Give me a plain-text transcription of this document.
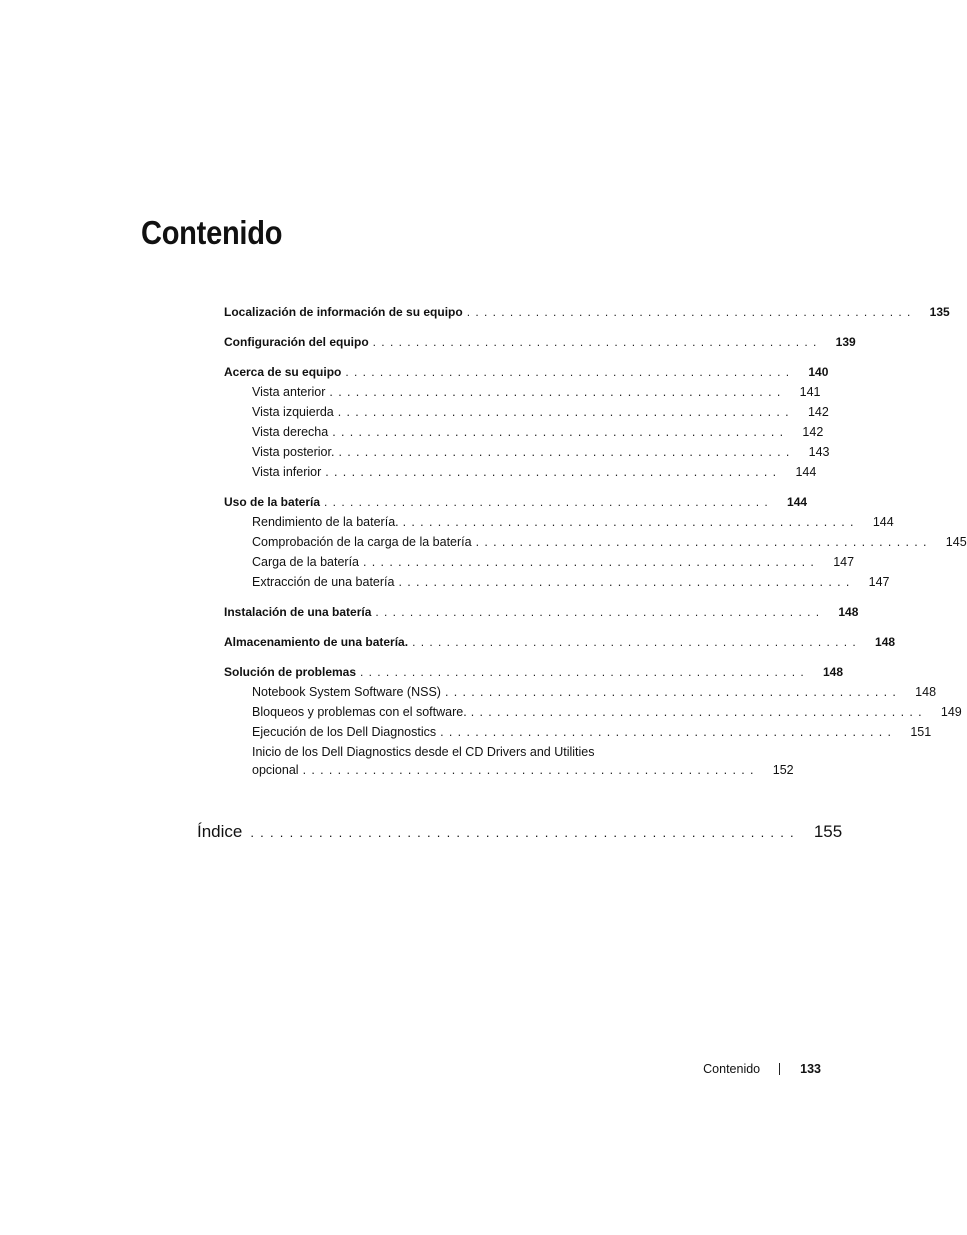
Contenido
Localización de información de su equipo .................................................... 135
Configuración del equipo .................................................... 139
Acerca de su equipo .................................................... 140
Vista anterior .................................................... 141
Vista izquierda .................................................... 142
Vista derecha .................................................... 142
Vista posterior. .................................................... 143
Vista inferior .................................................... 144
Uso de la batería .................................................... 144
Rendimiento de la batería. .................................................... 144
Comprobación de la carga de la batería .................................................... 145
Carga de la batería .................................................... 147
Extracción de una batería .................................................... 147
Instalación de una batería .................................................... 148
Almacenamiento de una batería. .................................................... 148
Solución de problemas .................................................... 148
Notebook System Software (NSS) .................................................... 148
Bloqueos y problemas con el software. .................................................... 149
Ejecución de los Dell Diagnostics .................................................... 151
Inicio de los Dell Diagnostics desde el CD Drivers and Utilities
opcional .................................................... 152
Índice ........................................................ 155
Contenido	133
